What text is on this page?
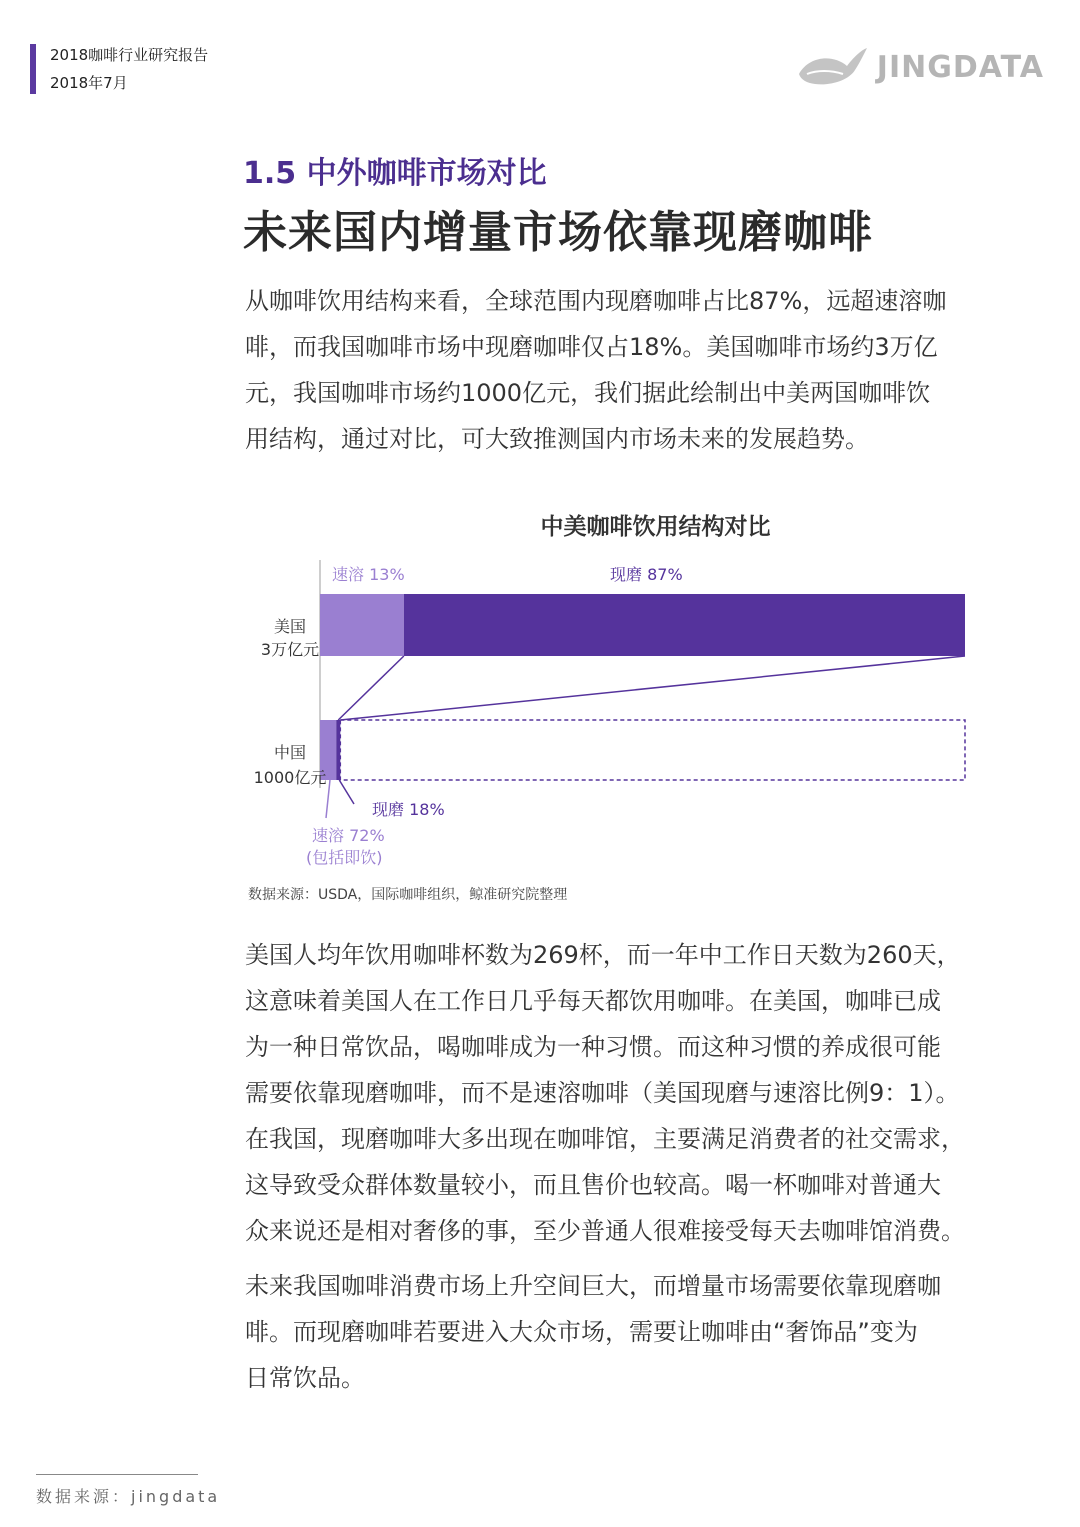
2018咖啡行业研究报告
2018年7月	JINGDATA
1.5 中外咖啡市场对比
未来国内增量市场依靠现磨咖啡
从咖啡饮用结构来看，全球范围内现磨咖啡占比87%，远超速溶咖
啡，而我国咖啡市场中现磨咖啡仅占18%。美国咖啡市场约3万亿
元，我国咖啡市场约1000亿元，我们据此绘制出中美两国咖啡饮
用结构，通过对比，可大致推测国内市场未来的发展趋势。
中美咖啡饮用结构对比
速溶 13%	现磨 87%
现磨 18%
速溶 72%
(包括即饮)
美国
3万亿元
中国
1000亿元
数据来源：USDA，国际咖啡组织，鲸准研究院整理
美国人均年饮用咖啡杯数为269杯，而一年中工作日天数为260天，
这意味着美国人在工作日几乎每天都饮用咖啡。在美国，咖啡已成
为一种日常饮品，喝咖啡成为一种习惯。而这种习惯的养成很可能
需要依靠现磨咖啡，而不是速溶咖啡（美国现磨与速溶比例9：1）。
在我国，现磨咖啡大多出现在咖啡馆，主要满足消费者的社交需求，
这导致受众群体数量较小，而且售价也较高。喝一杯咖啡对普通大
众来说还是相对奢侈的事，至少普通人很难接受每天去咖啡馆消费。
未来我国咖啡消费市场上升空间巨大，而增量市场需要依靠现磨咖
啡。而现磨咖啡若要进入大众市场，需要让咖啡由“奢饰品”变为
日常饮品。
数据来源：jingdata
